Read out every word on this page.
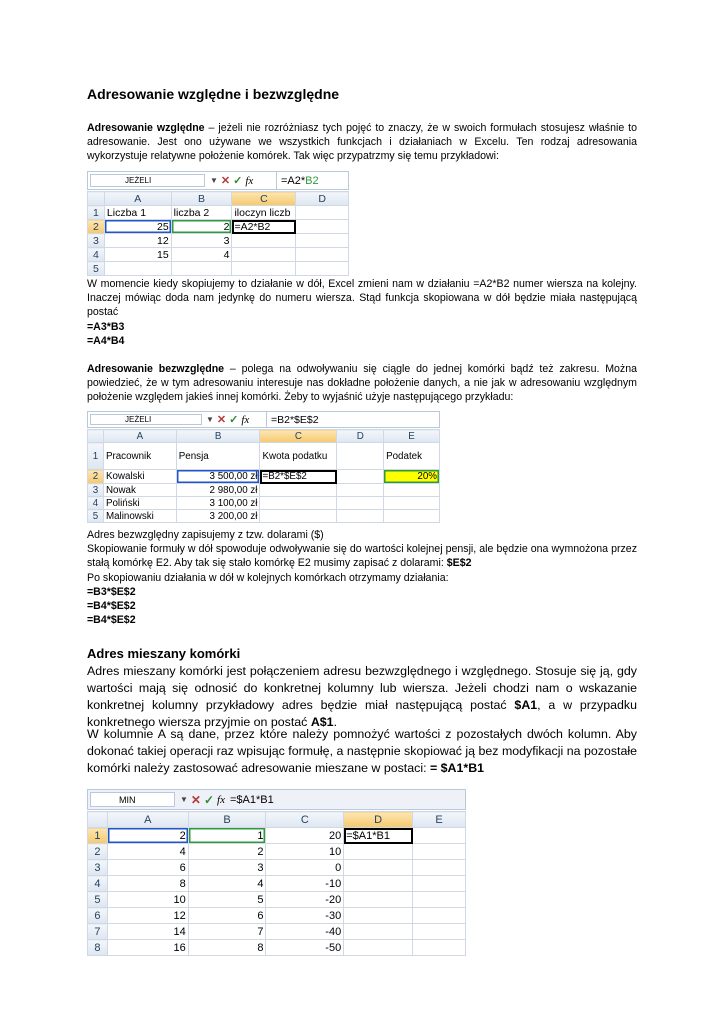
Adresowanie względne i bezwzględne

Adresowanie względne – jeżeli nie rozróżniasz tych pojęć to znaczy, że w swoich formułach stosujesz właśnie to adresowanie. Jest ono używane we wszystkich funkcjach i działaniach w Excelu. Ten rodzaj adresowania wykorzystuje relatywne położenie komórek. Tak więc przypatrzmy się temu przykładowi:

JEŻELI	▼ ✕ ✓ fx	=A2* B2
	A	B	C	D
1	Liczba 1	liczba 2	iloczyn liczb	
2	25	2	=A2*B2	
3	12	3		
4	15	4		
5				

W momencie kiedy skopiujemy to działanie w dół, Excel zmieni nam w działaniu =A2*B2 numer wiersza na kolejny. Inaczej mówiąc doda nam jedynkę do numeru wiersza. Stąd funkcja skopiowana w dół będzie miała następującą postać

=A3*B3

=A4*B4

Adresowanie bezwzględne – polega na odwoływaniu się ciągle do jednej komórki bądź też zakresu. Można powiedzieć, że w tym adresowaniu interesuje nas dokładne położenie danych, a nie jak w adresowaniu względnym położenie względem jakieś innej komórki. Żeby to wyjaśnić użyje następującego przykładu:

JEŻELI	▼ ✕ ✓ fx =B2*$E$2
	A	B	C	D	E
1	Pracownik	Pensja	Kwota podatku		Podatek
2	Kowalski	3 500,00 zł	=B2*$E$2		20%
3	Nowak	2 980,00 zł			
4	Poliński	3 100,00 zł			
5	Malinowski	3 200,00 zł			

Adres bezwzględny zapisujemy z tzw. dolarami ($)

Skopiowanie formuły w dół spowoduje odwoływanie się do wartości kolejnej pensji, ale będzie ona wymnożona przez stałą komórkę E2. Aby tak się stało komórkę E2 musimy zapisać z dolarami: $E$2

Po skopiowaniu działania w dół w kolejnych komórkach otrzymamy działania:

=B3*$E$2

=B4*$E$2

=B4*$E$2

Adres mieszany komórki

Adres mieszany komórki jest połączeniem adresu bezwzględnego i względnego. Stosuje się ją, gdy wartości mają się odnosić do konkretnej kolumny lub wiersza. Jeżeli chodzi nam o wskazanie konkretnej kolumny przykładowy adres będzie miał następującą postać $A1, a w przypadku konkretnego wiersza przyjmie on postać A$1.

W kolumnie A są dane, przez które należy pomnożyć wartości z pozostałych dwóch kolumn. Aby dokonać takiej operacji raz wpisując formułę, a następnie skopiować ją bez modyfikacji na pozostałe komórki należy zastosować adresowanie mieszane w postaci: = $A1*B1

MIN	▼ ✕ ✓ fx =$A1*B1
	A	B	C	D	E
1	2	1	20	=$A1*B1	
2	4	2	10		
3	6	3	0		
4	8	4	-10		
5	10	5	-20		
6	12	6	-30		
7	14	7	-40		
8	16	8	-50		
